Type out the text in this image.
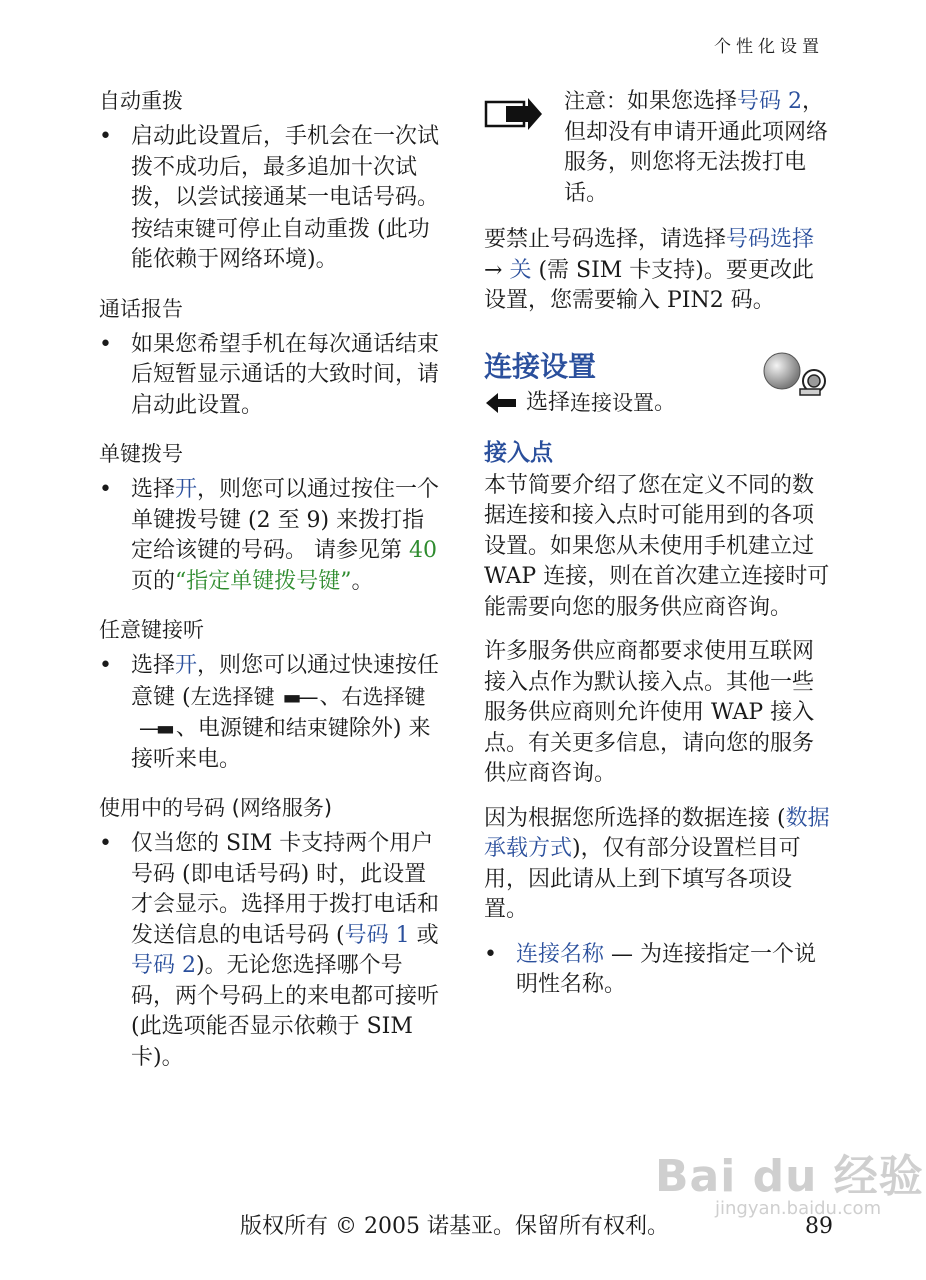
个性化设置
自动重拨
• 启动此设置后，手机会在一次试拨不成功后，最多追加十次试拨，以尝试接通某一电话号码。按结束键可停止自动重拨 (此功能依赖于网络环境)。
通话报告
• 如果您希望手机在每次通话结束后短暂显示通话的大致时间，请启动此设置。
单键拨号
• 选择开，则您可以通过按住一个单键拨号键 (2 至 9) 来拨打指定给该键的号码。 请参见第 40 页的“指定单键拨号键”。
任意键接听
• 选择开，则您可以通过快速按任意键 (左选择键 ▬— 、右选择键—▬ 、电源键和结束键除外) 来接听来电。
使用中的号码 (网络服务)
• 仅当您的 SIM 卡支持两个用户号码 (即电话号码) 时，此设置才会显示。选择用于拨打电话和发送信息的电话号码 (号码 1 或号码 2)。无论您选择哪个号码，两个号码上的来电都可接听 (此选项能否显示依赖于 SIM 卡)。
注意：如果您选择号码 2，但却没有申请开通此项网络服务，则您将无法拨打电话。

要禁止号码选择，请选择号码选择 → 关 (需 SIM 卡支持)。要更改此设置，您需要输入 PIN2 码。

连接设置
选择 连接设置 。
接入点

本节简要介绍了您在定义不同的数据连接和接入点时可能用到的各项设置。如果您从未使用手机建立过 WAP 连接，则在首次建立连接时可能需要向您的服务供应商咨询。

许多服务供应商都要求使用互联网接入点作为默认接入点。其他一些服务供应商则允许使用 WAP 接入点。有关更多信息，请向您的服务供应商咨询。

因为根据您所选择的数据连接 (数据承载方式)，仅有部分设置栏目可用，因此请从上到下填写各项设置。

• 连接名称 — 为连接指定一个说明性名称。
Bai du 经验
jingyan.baidu.com
版权所有 © 2005 诺基亚。保留所有权利。	89
